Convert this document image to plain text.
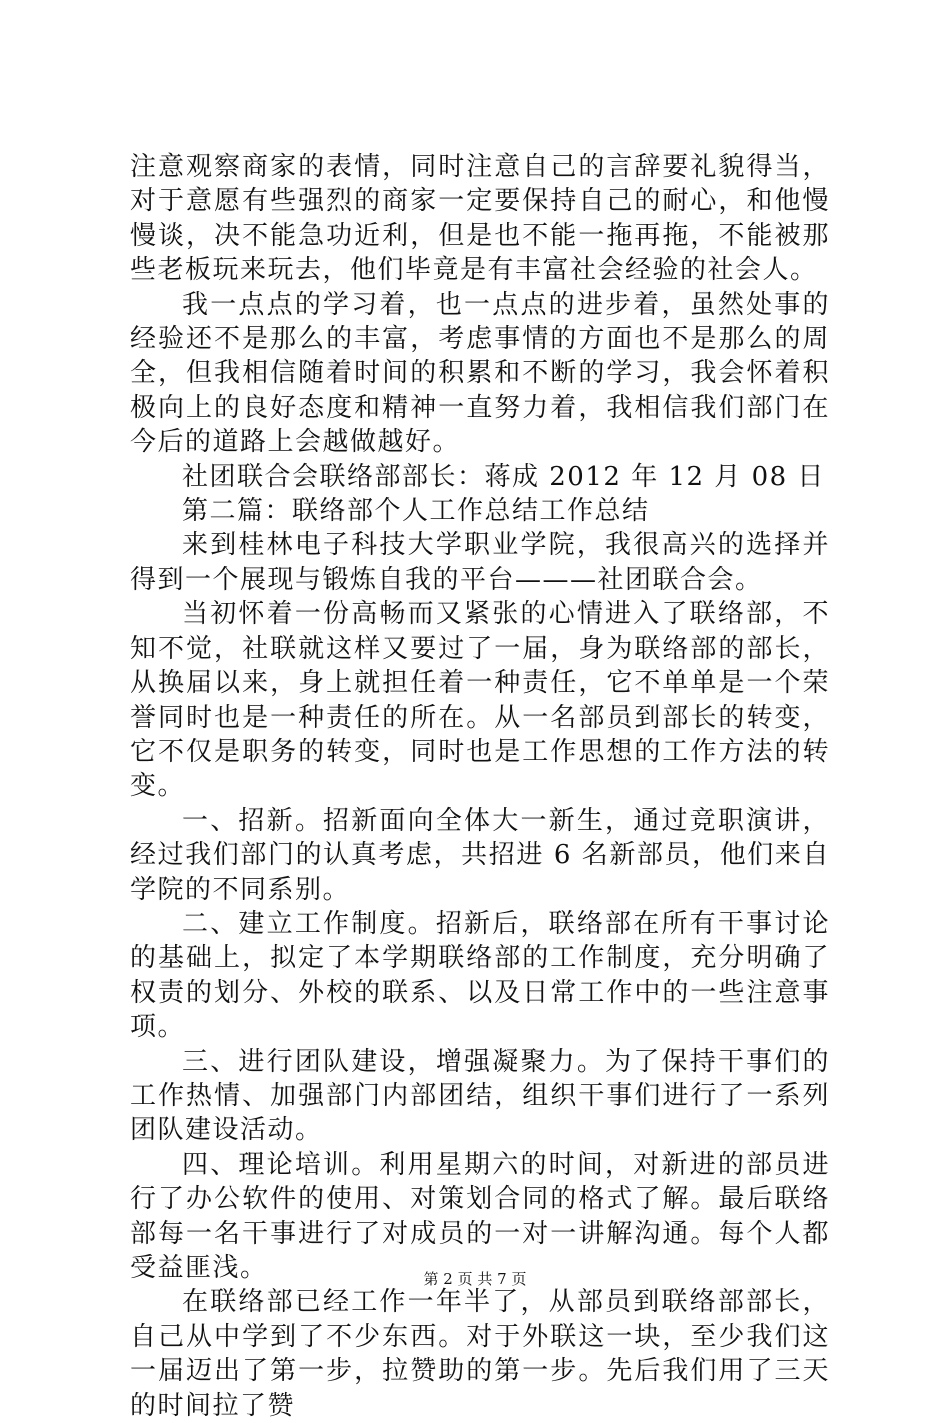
注意观察商家的表情，同时注意自己的言辞要礼貌得当，对于意愿有些强烈的商家一定要保持自己的耐心，和他慢慢谈，决不能急功近利，但是也不能一拖再拖，不能被那些老板玩来玩去，他们毕竟是有丰富社会经验的社会人。

我一点点的学习着，也一点点的进步着，虽然处事的经验还不是那么的丰富，考虑事情的方面也不是那么的周全，但我相信随着时间的积累和不断的学习，我会怀着积极向上的良好态度和精神一直努力着，我相信我们部门在今后的道路上会越做越好。

社团联合会联络部部长：蒋成 2012 年 12 月 08 日

第二篇：联络部个人工作总结工作总结

来到桂林电子科技大学职业学院，我很高兴的选择并得到一个展现与锻炼自我的平台———社团联合会。

当初怀着一份高畅而又紧张的心情进入了联络部，不知不觉，社联就这样又要过了一届，身为联络部的部长，从换届以来，身上就担任着一种责任，它不单单是一个荣誉同时也是一种责任的所在。从一名部员到部长的转变，它不仅是职务的转变，同时也是工作思想的工作方法的转变。

一、招新。招新面向全体大一新生，通过竞职演讲，经过我们部门的认真考虑，共招进 6 名新部员，他们来自学院的不同系别。

二、建立工作制度。招新后，联络部在所有干事讨论的基础上，拟定了本学期联络部的工作制度，充分明确了权责的划分、外校的联系、以及日常工作中的一些注意事项。

三、进行团队建设，增强凝聚力。为了保持干事们的工作热情、加强部门内部团结，组织干事们进行了一系列团队建设活动。

四、理论培训。利用星期六的时间，对新进的部员进行了办公软件的使用、对策划合同的格式了解。最后联络部每一名干事进行了对成员的一对一讲解沟通。每个人都受益匪浅。

在联络部已经工作一年半了，从部员到联络部部长，自己从中学到了不少东西。对于外联这一块，至少我们这一届迈出了第一步，拉赞助的第一步。先后我们用了三天的时间拉了赞

第 2 页 共 7 页
